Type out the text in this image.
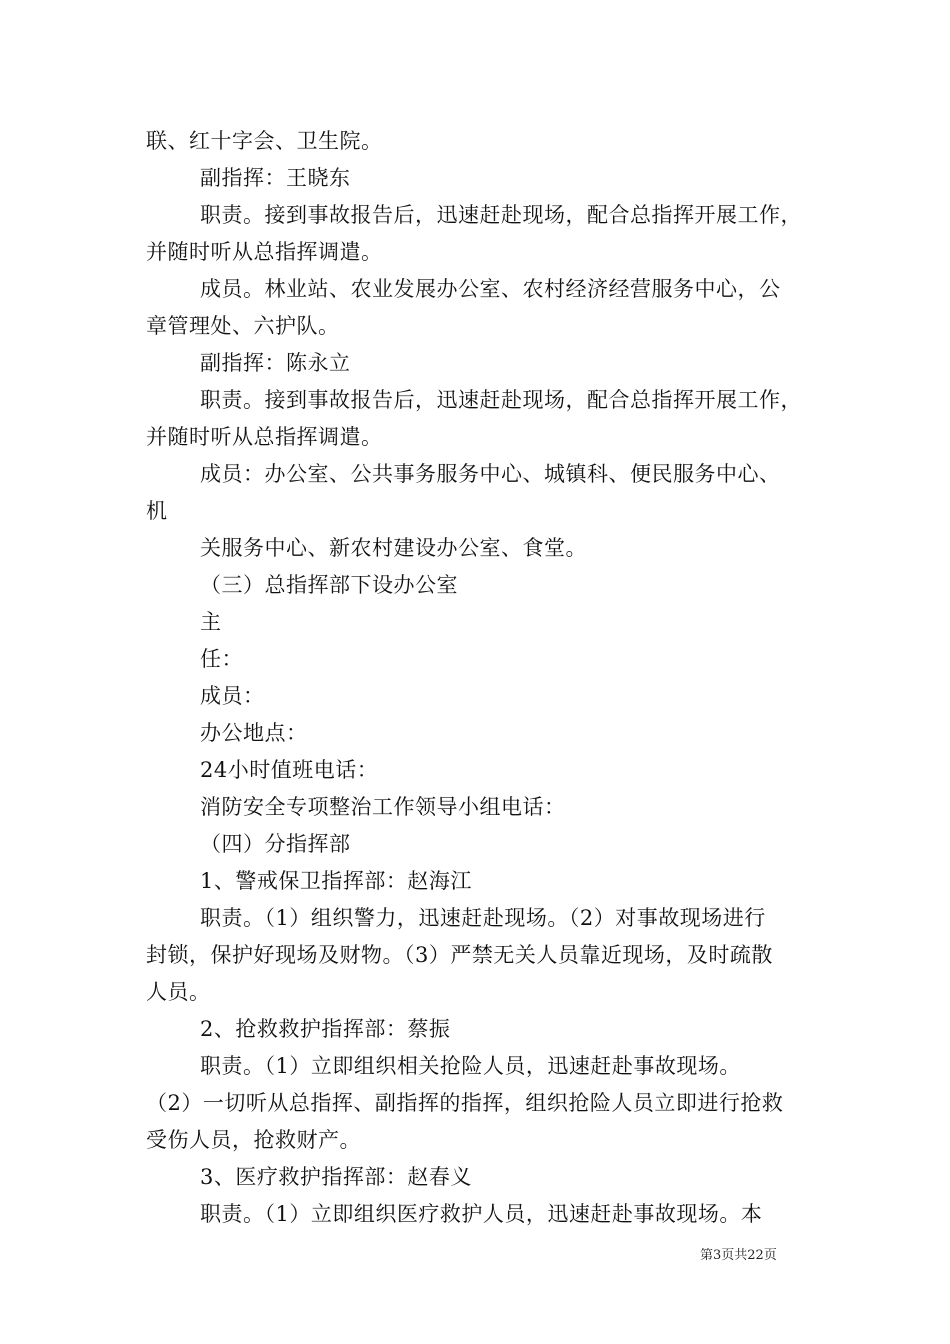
联、红十字会、卫生院。
副指挥：王晓东
职责。接到事故报告后，迅速赶赴现场，配合总指挥开展工作，
并随时听从总指挥调遣。
成员。林业站、农业发展办公室、农村经济经营服务中心，公
章管理处、六护队。
副指挥：陈永立
职责。接到事故报告后，迅速赶赴现场，配合总指挥开展工作，
并随时听从总指挥调遣。
成员：办公室、公共事务服务中心、城镇科、便民服务中心、
机
关服务中心、新农村建设办公室、食堂。
（三）总指挥部下设办公室
主
任：
成员：
办公地点：
24小时值班电话：
消防安全专项整治工作领导小组电话：
（四）分指挥部
1、警戒保卫指挥部：赵海江
职责。（1）组织警力，迅速赶赴现场。（2）对事故现场进行
封锁，保护好现场及财物。（3）严禁无关人员靠近现场，及时疏散
人员。
2、抢救救护指挥部：蔡振
职责。（1）立即组织相关抢险人员，迅速赶赴事故现场。
（2）一切听从总指挥、副指挥的指挥，组织抢险人员立即进行抢救
受伤人员，抢救财产。
3、医疗救护指挥部：赵春义
职责。（1）立即组织医疗救护人员，迅速赶赴事故现场。本
第3页共22页
